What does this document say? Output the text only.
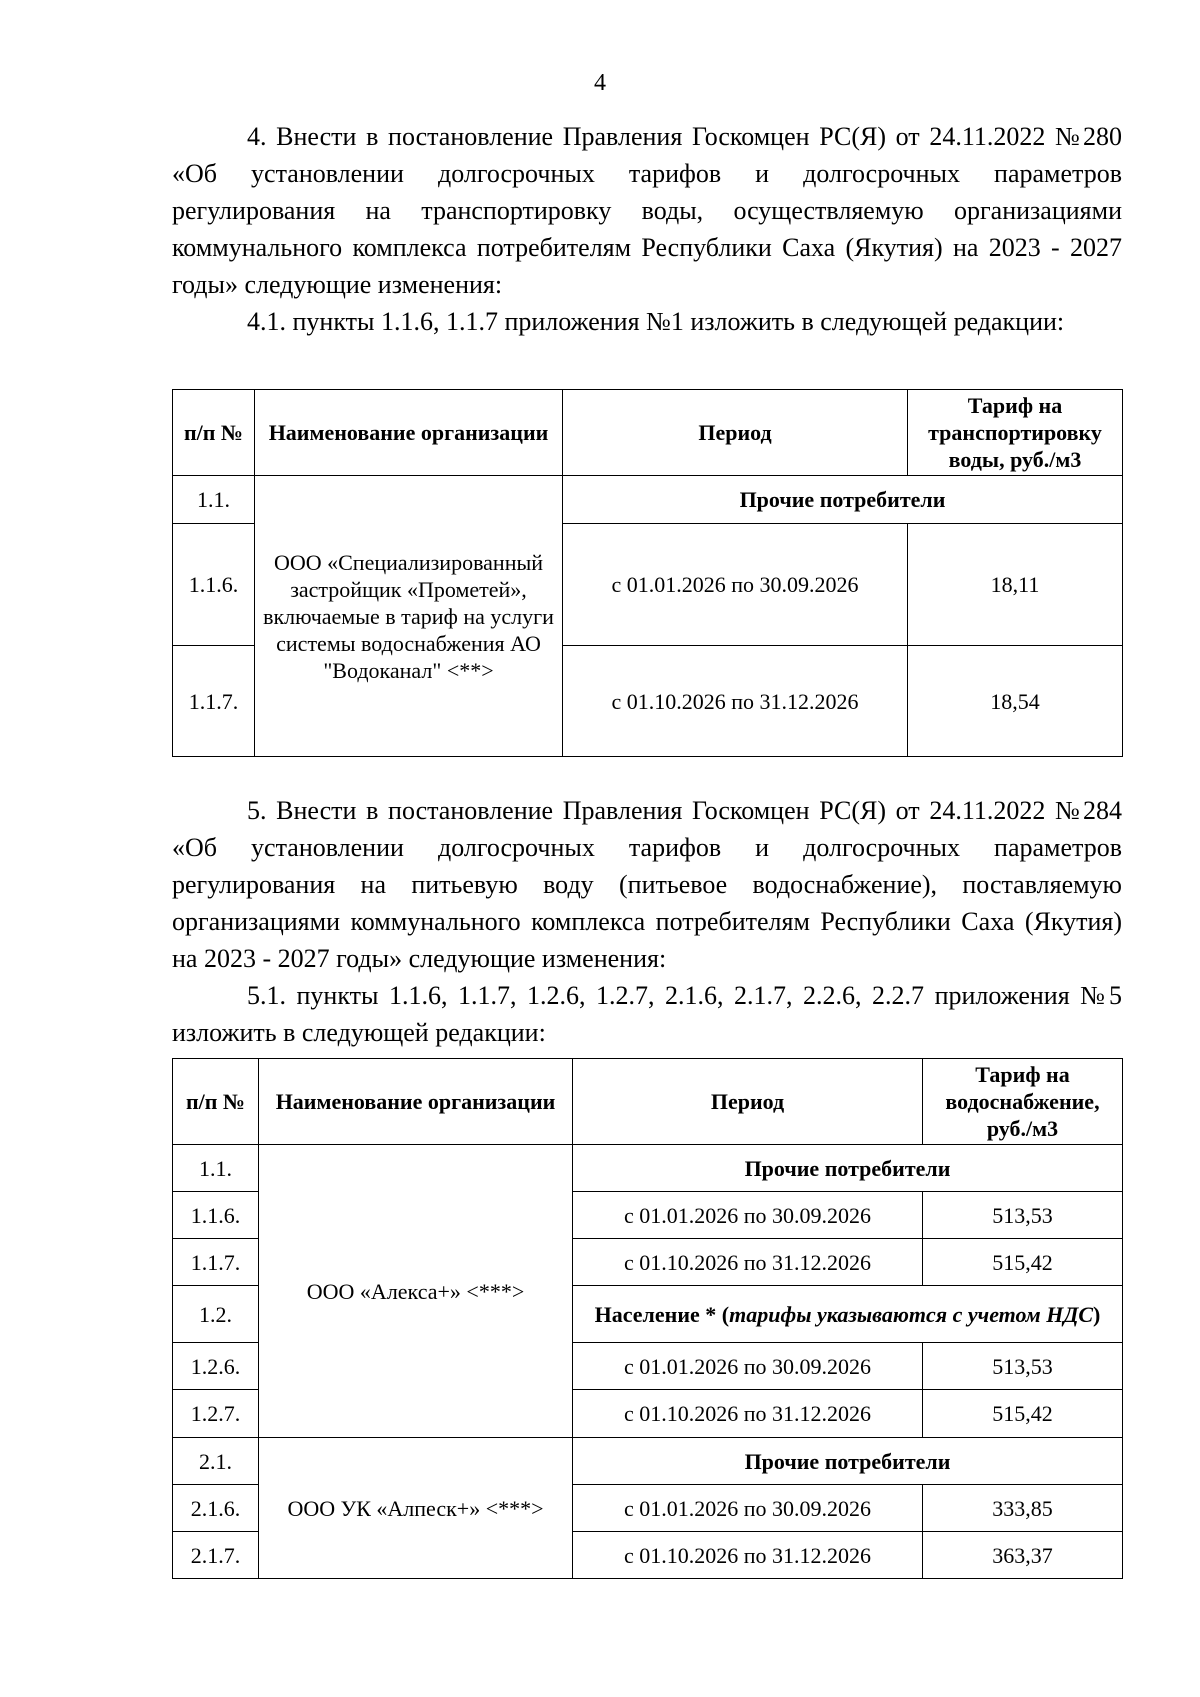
4

4. Внести в постановление Правления Госкомцен РС(Я) от 24.11.2022 №280 «Об установлении долгосрочных тарифов и долгосрочных параметров регулирования на транспортировку воды, осуществляемую организациями коммунального комплекса потребителям Республики Саха (Якутия) на 2023 - 2027 годы» следующие изменения:

4.1. пункты 1.1.6, 1.1.7 приложения №1 изложить в следующей редакции:

п/п №	Наименование организации	Период	Тариф на транспортировку воды, руб./м3
1.1.	ООО «Специализированный застройщик «Прометей», включаемые в тариф на услуги системы водоснабжения АО "Водоканал" <**>	Прочие потребители	
1.1.6.		с 01.01.2026 по 30.09.2026	18,11
1.1.7.		с 01.10.2026 по 31.12.2026	18,54

5. Внести в постановление Правления Госкомцен РС(Я) от 24.11.2022 №284 «Об установлении долгосрочных тарифов и долгосрочных параметров регулирования на питьевую воду (питьевое водоснабжение), поставляемую организациями коммунального комплекса потребителям Республики Саха (Якутия) на 2023 - 2027 годы» следующие изменения:

5.1. пункты 1.1.6, 1.1.7, 1.2.6, 1.2.7, 2.1.6, 2.1.7, 2.2.6, 2.2.7 приложения №5 изложить в следующей редакции:

п/п №	Наименование организации	Период	Тариф на водоснабжение, руб./м3
1.1.	ООО «Алекса+» <***>	Прочие потребители	
1.1.6.		с 01.01.2026 по 30.09.2026	513,53
1.1.7.		с 01.10.2026 по 31.12.2026	515,42
1.2.		Население * (тарифы указываются с учетом НДС)	
1.2.6.		с 01.01.2026 по 30.09.2026	513,53
1.2.7.		с 01.10.2026 по 31.12.2026	515,42
2.1.	ООО УК «Алпеск+» <***>	Прочие потребители	
2.1.6.		с 01.01.2026 по 30.09.2026	333,85
2.1.7.		с 01.10.2026 по 31.12.2026	363,37
